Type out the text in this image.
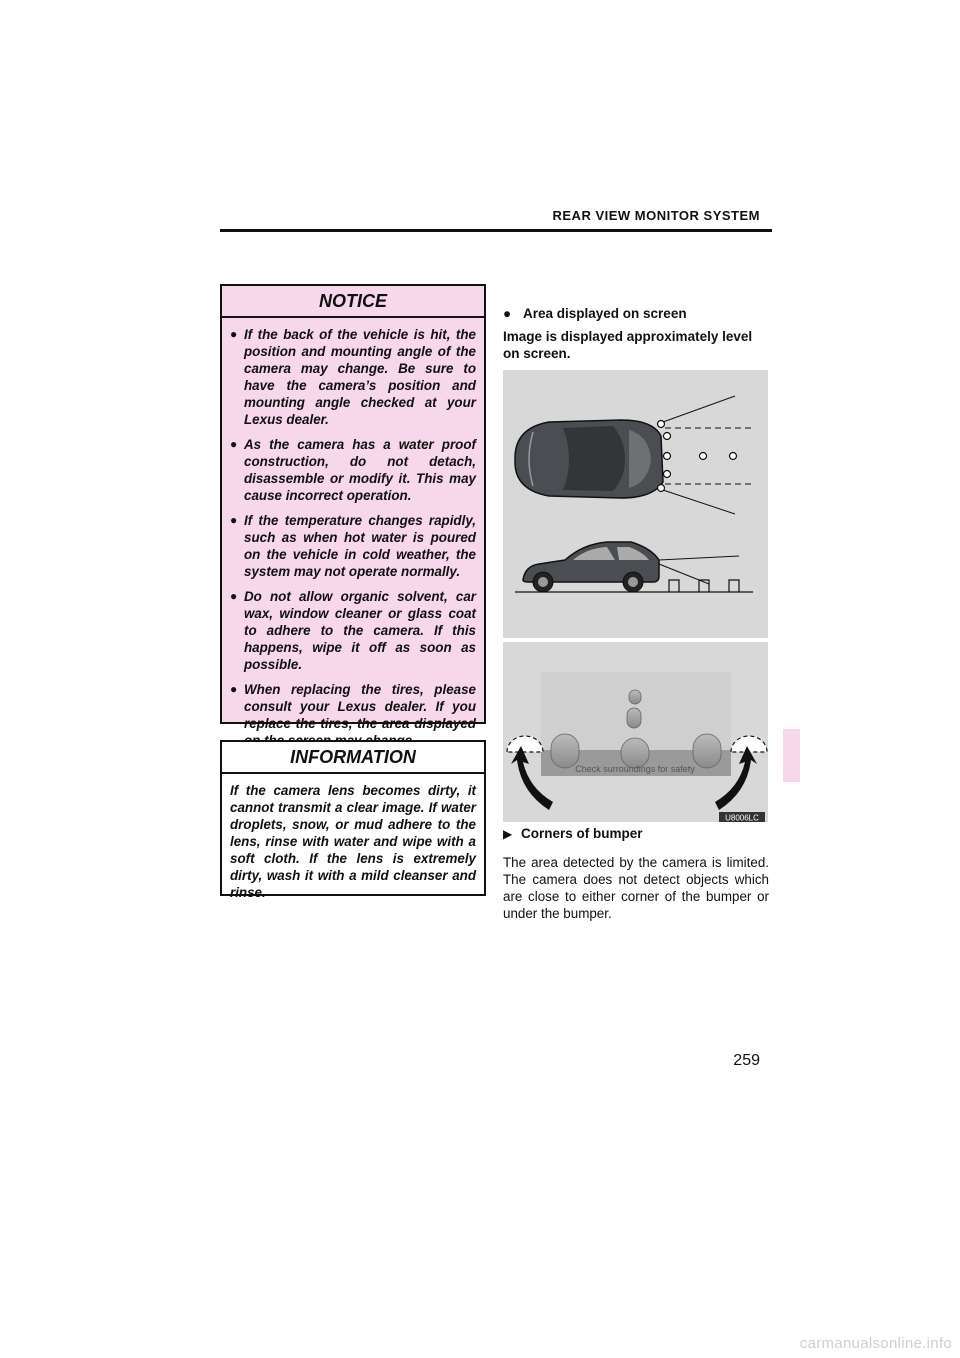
REAR VIEW MONITOR SYSTEM
NOTICE
● If the back of the vehicle is hit, the position and mounting angle of the camera may change. Be sure to have the camera’s position and mounting angle checked at your Lexus dealer.
● As the camera has a water proof construction, do not detach, disassemble or modify it. This may cause incorrect operation.
● If the temperature changes rapidly, such as when hot water is poured on the vehicle in cold weather, the system may not operate normally.
● Do not allow organic solvent, car wax, window cleaner or glass coat to adhere to the camera. If this happens, wipe it off as soon as possible.
● When replacing the tires, please consult your Lexus dealer. If you replace the tires, the area displayed
INFORMATION
If the camera lens becomes dirty, it cannot transmit a clear image. If water droplets, snow, or mud adhere to the lens, rinse with water and wipe with a soft cloth. If the lens is extremely dirty, wash it with a mild cleanser and rinse.
● Area displayed on screen
Image is displayed approximately level on screen.
Check surroundings for safety
U8006LC
▶ Corners of bumper
The area detected by the camera is limited. The camera does not detect objects which are close to either corner of the bumper or under the bumper.
259
carmanualsonline.info
